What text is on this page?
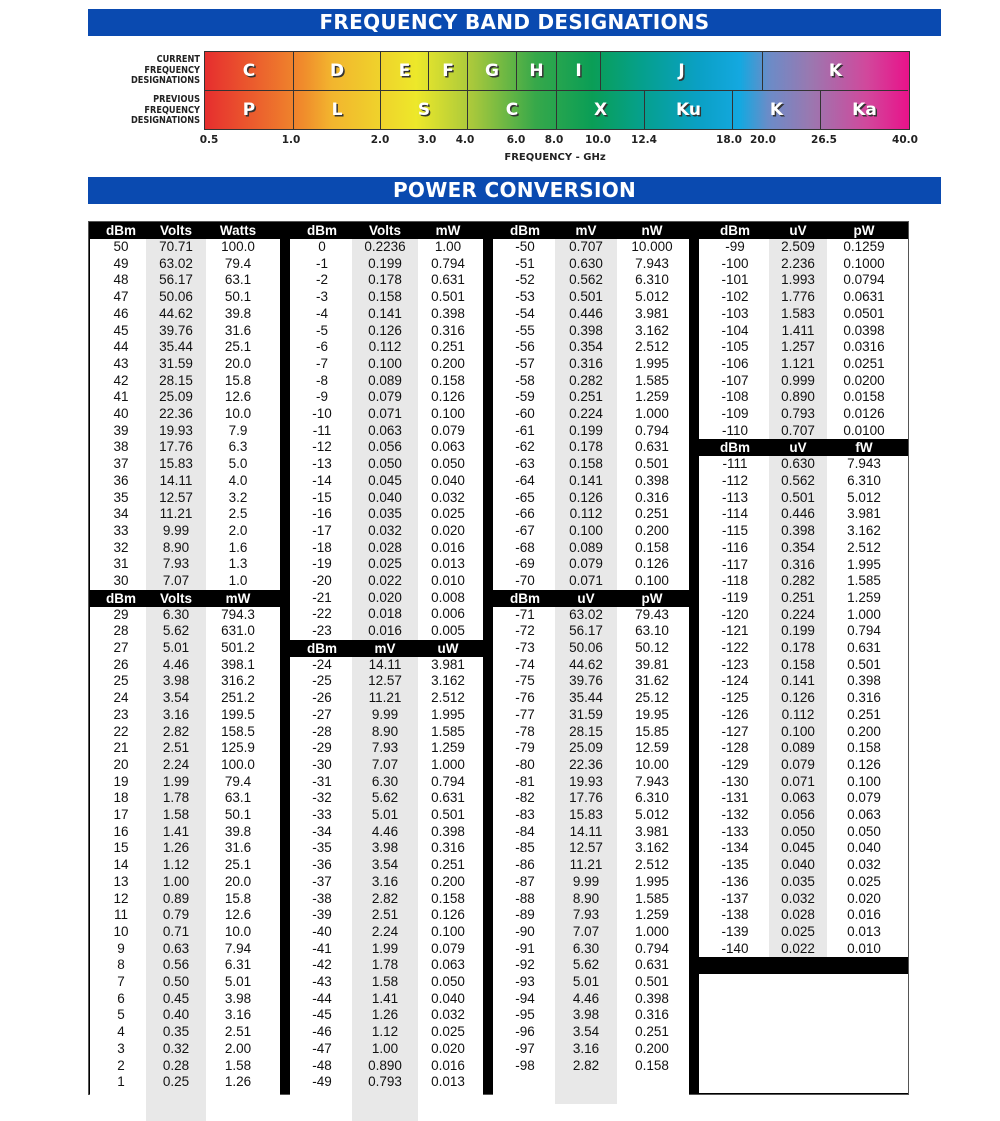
FREQUENCY BAND DESIGNATIONS
CURRENT
FREQUENCY
DESIGNATIONS
PREVIOUS
FREQUENCY
DESIGNATIONS
C	D	E	F	G	H	I	J	K
P	L	S	C	X	Ku	K	Ka
0.5	1.0	2.0	3.0 4.0	6.0 8.0 10.0 12.4	18.0 20.0	26.5	40.0
FREQUENCY - GHz
POWER CONVERSION
dBm	Volts	Watts
50	70.71	100.0
49	63.02	79.4
48	56.17	63.1
47	50.06	50.1
46	44.62	39.8
45	39.76	31.6
44	35.44	25.1
43	31.59	20.0
42	28.15	15.8
41	25.09	12.6
40	22.36	10.0
39	19.93	7.9
38	17.76	6.3
37	15.83	5.0
36	14.11	4.0
35	12.57	3.2
34	11.21	2.5
33	9.99	2.0
32	8.90	1.6
31	7.93	1.3
30	7.07	1.0
dBm	Volts	mW
29	6.30	794.3
28	5.62	631.0
27	5.01	501.2
26	4.46	398.1
25	3.98	316.2
24	3.54	251.2
23	3.16	199.5
22	2.82	158.5
21	2.51	125.9
20	2.24	100.0
19	1.99	79.4
18	1.78	63.1
17	1.58	50.1
16	1.41	39.8
15	1.26	31.6
14	1.12	25.1
13	1.00	20.0
12	0.89	15.8
11	0.79	12.6
10	0.71	10.0
9	0.63	7.94
8	0.56	6.31
7	0.50	5.01
6	0.45	3.98
5	0.40	3.16
4	0.35	2.51
3	0.32	2.00
2	0.28	1.58
1	0.25	1.26
dBm	Volts	mW
0	0.2236	1.00
-1	0.199	0.794
-2	0.178	0.631
-3	0.158	0.501
-4	0.141	0.398
-5	0.126	0.316
-6	0.112	0.251
-7	0.100	0.200
-8	0.089	0.158
-9	0.079	0.126
-10	0.071	0.100
-11	0.063	0.079
-12	0.056	0.063
-13	0.050	0.050
-14	0.045	0.040
-15	0.040	0.032
-16	0.035	0.025
-17	0.032	0.020
-18	0.028	0.016
-19	0.025	0.013
-20	0.022	0.010
-21	0.020	0.008
-22	0.018	0.006
-23	0.016	0.005
dBm	mV	uW
-24	14.11	3.981
-25	12.57	3.162
-26	11.21	2.512
-27	9.99	1.995
-28	8.90	1.585
-29	7.93	1.259
-30	7.07	1.000
-31	6.30	0.794
-32	5.62	0.631
-33	5.01	0.501
-34	4.46	0.398
-35	3.98	0.316
-36	3.54	0.251
-37	3.16	0.200
-38	2.82	0.158
-39	2.51	0.126
-40	2.24	0.100
-41	1.99	0.079
-42	1.78	0.063
-43	1.58	0.050
-44	1.41	0.040
-45	1.26	0.032
-46	1.12	0.025
-47	1.00	0.020
-48	0.890	0.016
-49	0.793	0.013
dBm	mV	nW
-50	0.707	10.000
-51	0.630	7.943
-52	0.562	6.310
-53	0.501	5.012
-54	0.446	3.981
-55	0.398	3.162
-56	0.354	2.512
-57	0.316	1.995
-58	0.282	1.585
-59	0.251	1.259
-60	0.224	1.000
-61	0.199	0.794
-62	0.178	0.631
-63	0.158	0.501
-64	0.141	0.398
-65	0.126	0.316
-66	0.112	0.251
-67	0.100	0.200
-68	0.089	0.158
-69	0.079	0.126
-70	0.071	0.100
dBm	uV	pW
-71	63.02	79.43
-72	56.17	63.10
-73	50.06	50.12
-74	44.62	39.81
-75	39.76	31.62
-76	35.44	25.12
-77	31.59	19.95
-78	28.15	15.85
-79	25.09	12.59
-80	22.36	10.00
-81	19.93	7.943
-82	17.76	6.310
-83	15.83	5.012
-84	14.11	3.981
-85	12.57	3.162
-86	11.21	2.512
-87	9.99	1.995
-88	8.90	1.585
-89	7.93	1.259
-90	7.07	1.000
-91	6.30	0.794
-92	5.62	0.631
-93	5.01	0.501
-94	4.46	0.398
-95	3.98	0.316
-96	3.54	0.251
-97	3.16	0.200
-98	2.82	0.158
dBm	uV	pW
-99	2.509	0.1259
-100	2.236	0.1000
-101	1.993	0.0794
-102	1.776	0.0631
-103	1.583	0.0501
-104	1.411	0.0398
-105	1.257	0.0316
-106	1.121	0.0251
-107	0.999	0.0200
-108	0.890	0.0158
-109	0.793	0.0126
-110	0.707	0.0100
dBm	uV	fW
-111	0.630	7.943
-112	0.562	6.310
-113	0.501	5.012
-114	0.446	3.981
-115	0.398	3.162
-116	0.354	2.512
-117	0.316	1.995
-118	0.282	1.585
-119	0.251	1.259
-120	0.224	1.000
-121	0.199	0.794
-122	0.178	0.631
-123	0.158	0.501
-124	0.141	0.398
-125	0.126	0.316
-126	0.112	0.251
-127	0.100	0.200
-128	0.089	0.158
-129	0.079	0.126
-130	0.071	0.100
-131	0.063	0.079
-132	0.056	0.063
-133	0.050	0.050
-134	0.045	0.040
-135	0.040	0.032
-136	0.035	0.025
-137	0.032	0.020
-138	0.028	0.016
-139	0.025	0.013
-140	0.022	0.010
